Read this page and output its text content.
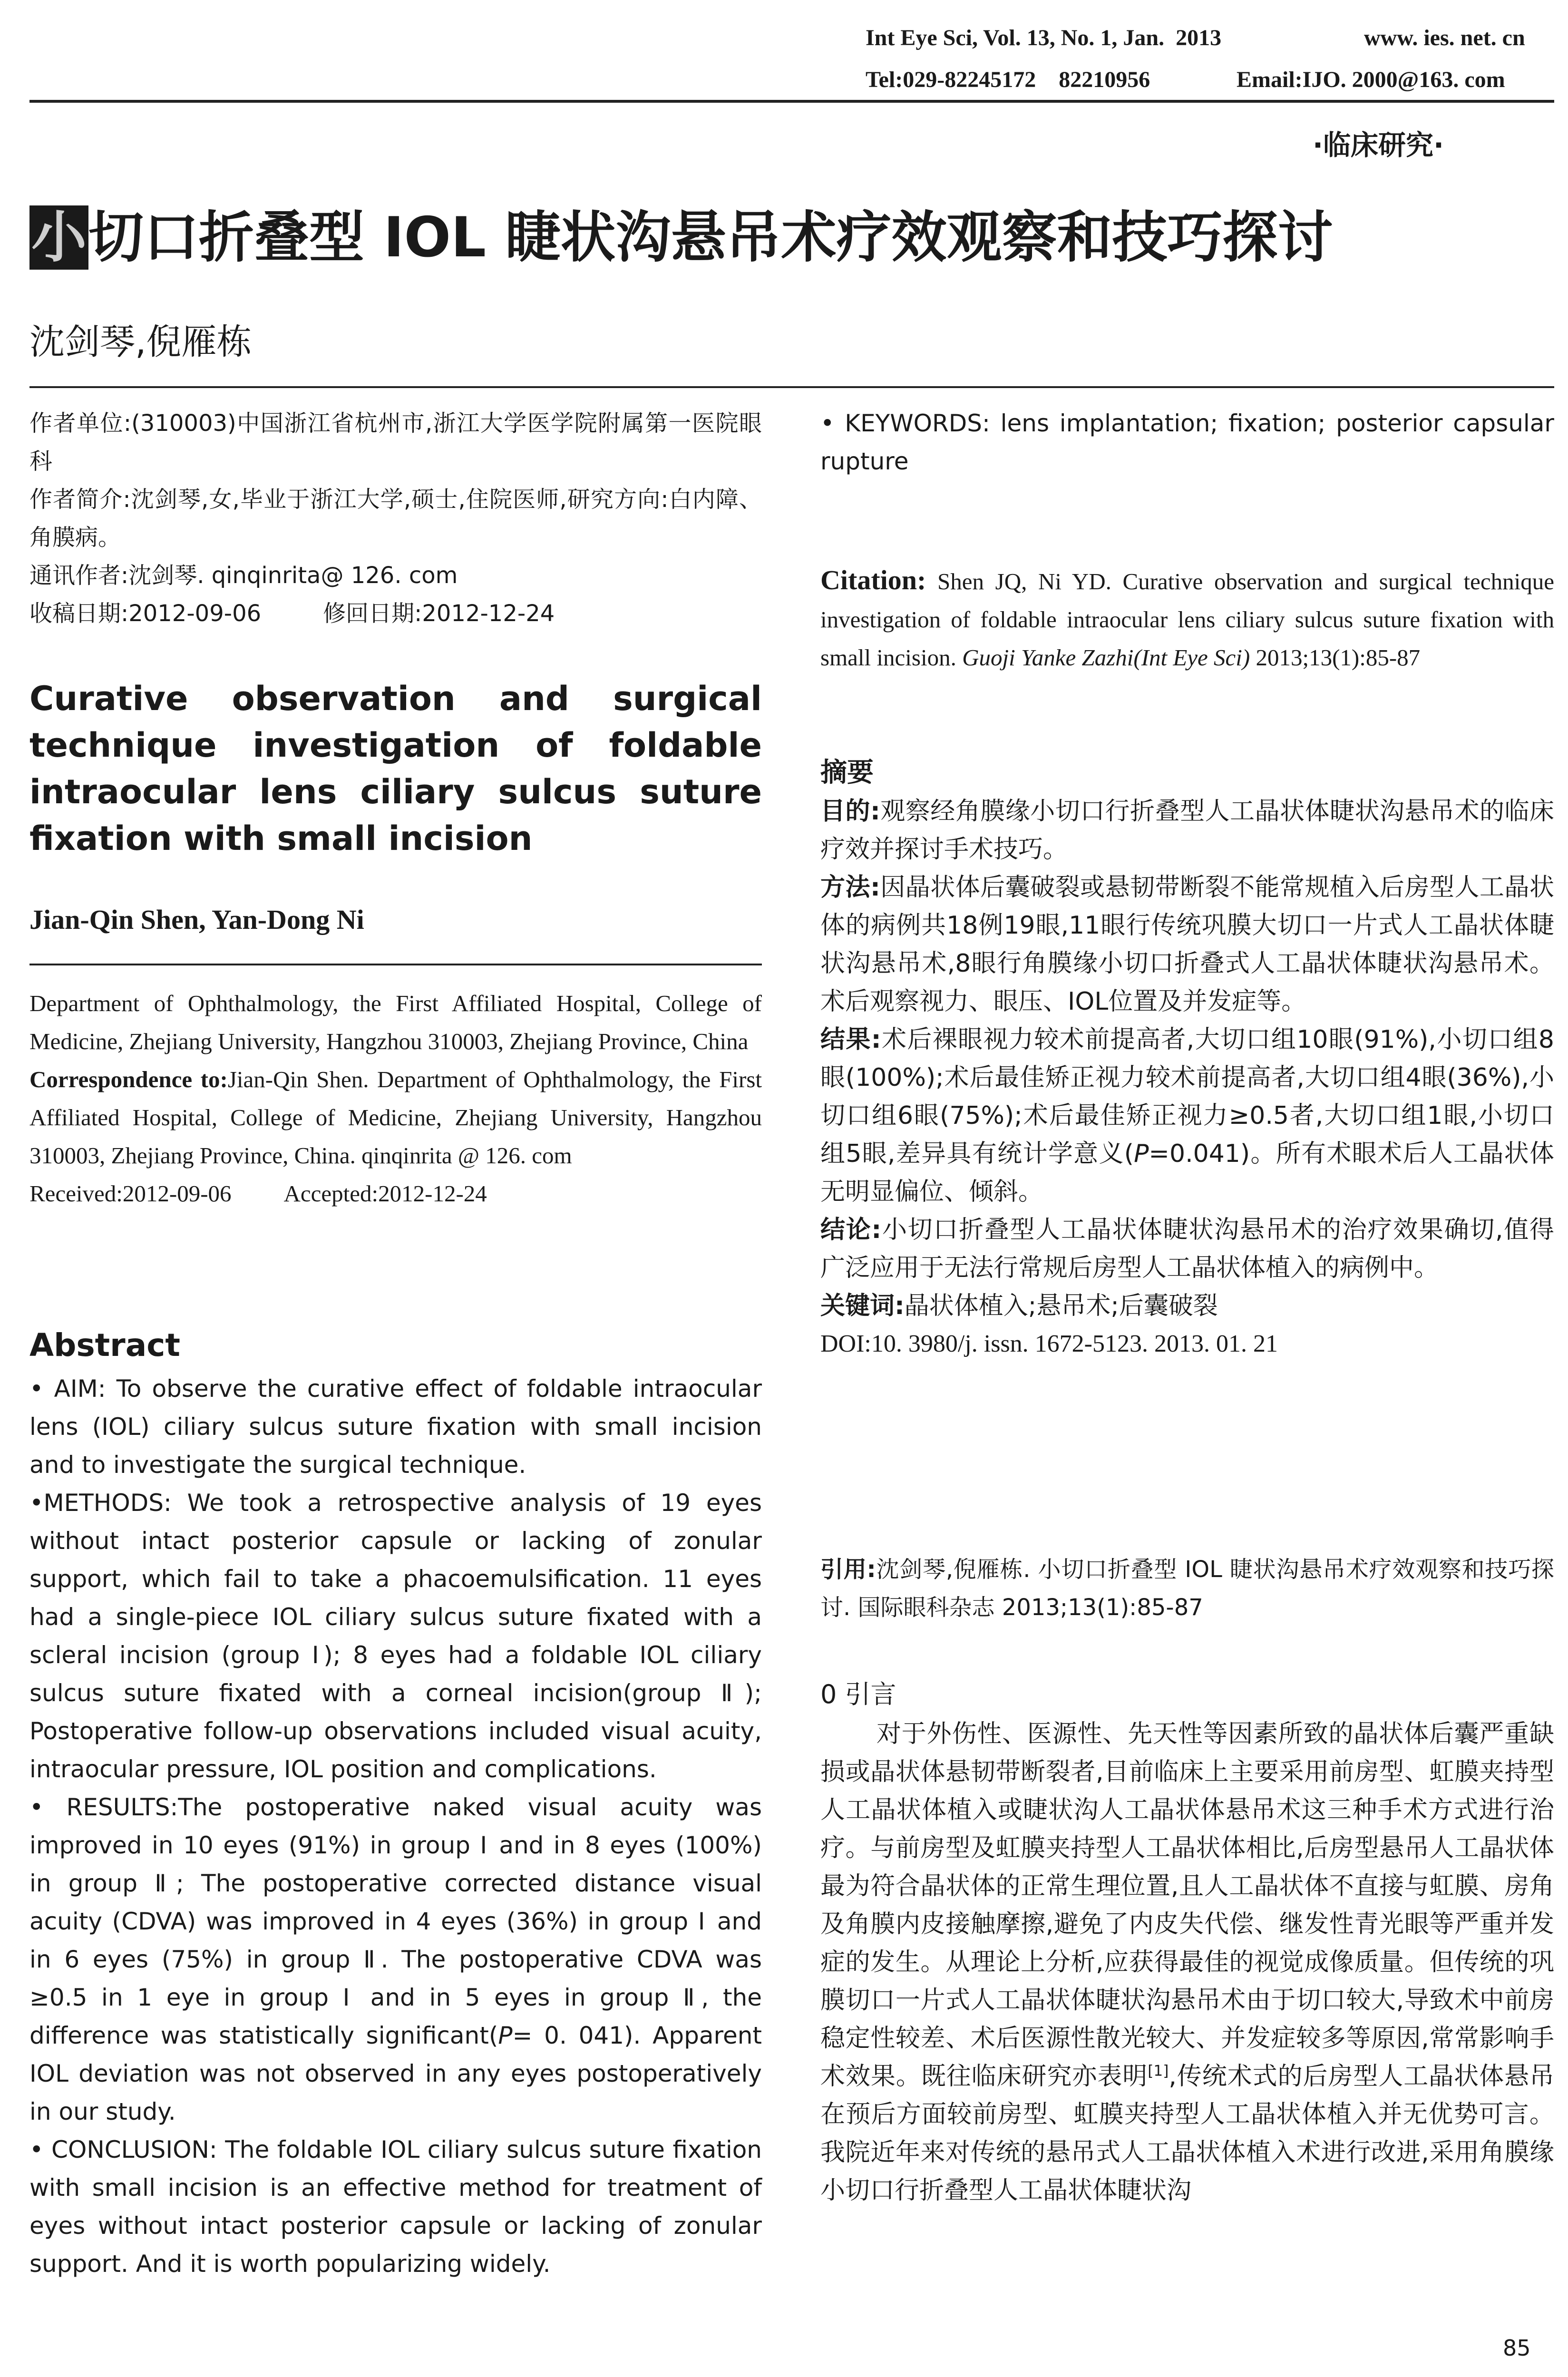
Int Eye Sci, Vol. 13, No. 1, Jan.  2013	www. ies. net. cn
Tel:029-82245172    82210956	Email:IJO. 2000@163. com
·临床研究·
小切口折叠型 IOL 睫状沟悬吊术疗效观察和技巧探讨
沈剑琴,倪雁栋

作者单位:(310003)中国浙江省杭州市,浙江大学医学院附属第一医院眼科

作者简介:沈剑琴,女,毕业于浙江大学,硕士,住院医师,研究方向:白内障、角膜病。

通讯作者:沈剑琴. qinqinrita@ 126. com

收稿日期:2012-09-06	修回日期:2012-12-24

Curative observation and surgical technique investigation of foldable intraocular lens ciliary sulcus suture fixation with small incision
Jian-Qin Shen, Yan-Dong Ni

Department of Ophthalmology, the First Affiliated Hospital, College of Medicine, Zhejiang University, Hangzhou 310003, Zhejiang Province, China

Correspondence to:Jian-Qin Shen. Department of Ophthalmology, the First Affiliated Hospital, College of Medicine, Zhejiang University, Hangzhou 310003, Zhejiang Province, China. qinqinrita @ 126. com

Received:2012-09-06 Accepted:2012-12-24

Abstract

• AIM: To observe the curative effect of foldable intraocular lens (IOL) ciliary sulcus suture fixation with small incision and to investigate the surgical technique.

•METHODS: We took a retrospective analysis of 19 eyes without intact posterior capsule or lacking of zonular support, which fail to take a phacoemulsification. 11 eyes had a single-piece IOL ciliary sulcus suture fixated with a scleral incision (group Ⅰ); 8 eyes had a foldable IOL ciliary sulcus suture fixated with a corneal incision(group Ⅱ); Postoperative follow-up observations included visual acuity, intraocular pressure, IOL position and complications.

• RESULTS:The postoperative naked visual acuity was improved in 10 eyes (91%) in group Ⅰ and in 8 eyes (100%) in group Ⅱ; The postoperative corrected distance visual acuity (CDVA) was improved in 4 eyes (36%) in group Ⅰ and in 6 eyes (75%) in group Ⅱ. The postoperative CDVA was ≥0.5 in 1 eye in group Ⅰ and in 5 eyes in group Ⅱ, the difference was statistically significant(P= 0. 041). Apparent IOL deviation was not observed in any eyes postoperatively in our study.

• CONCLUSION: The foldable IOL ciliary sulcus suture fixation with small incision is an effective method for treatment of eyes without intact posterior capsule or lacking of zonular support. And it is worth popularizing widely.

• KEYWORDS: lens implantation; fixation; posterior capsular rupture

Citation: Shen JQ, Ni YD. Curative observation and surgical technique investigation of foldable intraocular lens ciliary sulcus suture fixation with small incision. Guoji Yanke Zazhi(Int Eye Sci) 2013;13(1):85-87

摘要

目的:观察经角膜缘小切口行折叠型人工晶状体睫状沟悬吊术的临床疗效并探讨手术技巧。

方法:因晶状体后囊破裂或悬韧带断裂不能常规植入后房型人工晶状体的病例共18例19眼,11眼行传统巩膜大切口一片式人工晶状体睫状沟悬吊术,8眼行角膜缘小切口折叠式人工晶状体睫状沟悬吊术。术后观察视力、眼压、IOL位置及并发症等。

结果:术后裸眼视力较术前提高者,大切口组10眼(91%),小切口组8眼(100%);术后最佳矫正视力较术前提高者,大切口组4眼(36%),小切口组6眼(75%);术后最佳矫正视力≥0.5者,大切口组1眼,小切口组5眼,差异具有统计学意义(P=0.041)。所有术眼术后人工晶状体无明显偏位、倾斜。

结论:小切口折叠型人工晶状体睫状沟悬吊术的治疗效果确切,值得广泛应用于无法行常规后房型人工晶状体植入的病例中。

关键词:晶状体植入;悬吊术;后囊破裂

DOI:10. 3980/j. issn. 1672-5123. 2013. 01. 21

引用:沈剑琴,倪雁栋. 小切口折叠型 IOL 睫状沟悬吊术疗效观察和技巧探讨. 国际眼科杂志 2013;13(1):85-87

0 引言

对于外伤性、医源性、先天性等因素所致的晶状体后囊严重缺损或晶状体悬韧带断裂者,目前临床上主要采用前房型、虹膜夹持型人工晶状体植入或睫状沟人工晶状体悬吊术这三种手术方式进行治疗。与前房型及虹膜夹持型人工晶状体相比,后房型悬吊人工晶状体最为符合晶状体的正常生理位置,且人工晶状体不直接与虹膜、房角及角膜内皮接触摩擦,避免了内皮失代偿、继发性青光眼等严重并发症的发生。从理论上分析,应获得最佳的视觉成像质量。但传统的巩膜切口一片式人工晶状体睫状沟悬吊术由于切口较大,导致术中前房稳定性较差、术后医源性散光较大、并发症较多等原因,常常影响手术效果。既往临床研究亦表明[1],传统术式的后房型人工晶状体悬吊在预后方面较前房型、虹膜夹持型人工晶状体植入并无优势可言。我院近年来对传统的悬吊式人工晶状体植入术进行改进,采用角膜缘小切口行折叠型人工晶状体睫状沟

85
